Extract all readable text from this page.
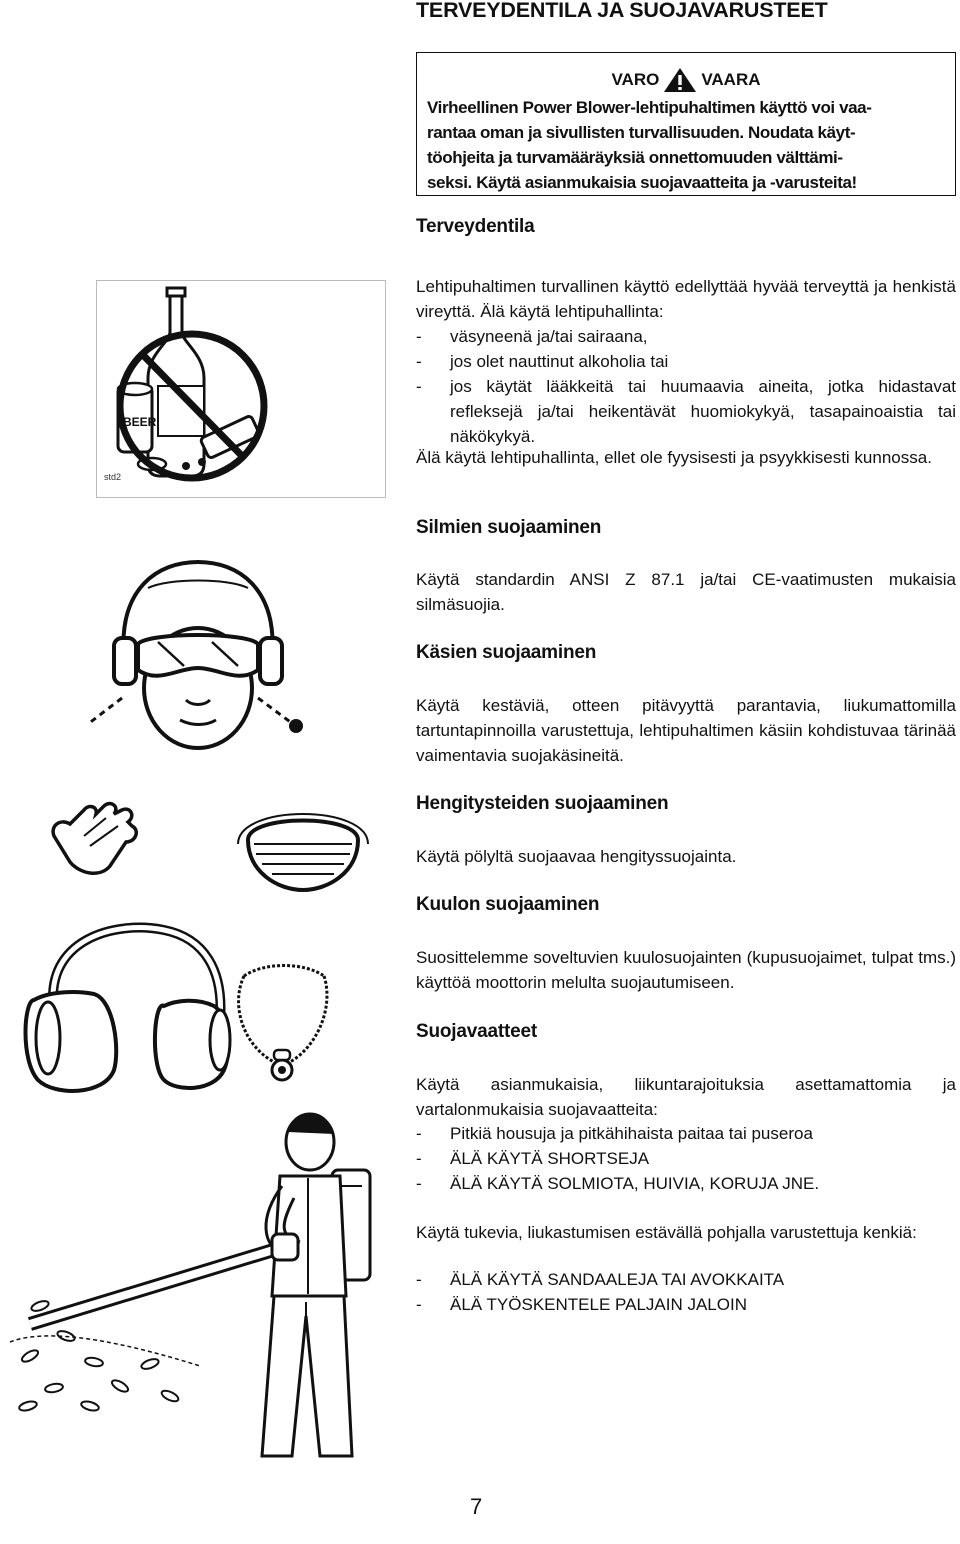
TERVEYDENTILA JA SUOJAVARUSTEET
VARO VAARA
Virheellinen Power Blower-lehtipuhaltimen käyttö voi vaa-
rantaa oman ja sivullisten turvallisuuden. Noudata käyt-
töohjeita ja turvamääräyksiä onnettomuuden välttämi-
seksi. Käytä asianmukaisia suojavaatteita ja -varusteita!
Terveydentila
Lehtipuhaltimen turvallinen käyttö edellyttää hyvää terveyttä ja henkistä vireyttä. Älä käytä lehtipuhallinta:
-	väsyneenä ja/tai sairaana,
-	jos olet nauttinut alkoholia tai
-	jos käytät lääkkeitä tai huumaavia aineita, jotka hidastavat refleksejä ja/tai heikentävät huomiokykyä, tasapainoaistia tai näkökykyä.
Älä käytä lehtipuhallinta, ellet ole fyysisesti ja psyykkisesti kunnossa.
BEER
std2
Silmien suojaaminen
Käytä standardin ANSI Z 87.1 ja/tai CE-vaatimusten mukaisia silmäsuojia.
Käsien suojaaminen
Käytä kestäviä, otteen pitävyyttä parantavia, liukumattomilla tartuntapinnoilla varustettuja, lehtipuhaltimen käsiin kohdistuvaa tärinää vaimentavia suojakäsineitä.
Hengitysteiden suojaaminen
Käytä pölyltä suojaavaa hengityssuojainta.
Kuulon suojaaminen
Suosittelemme soveltuvien kuulosuojainten (kupusuojaimet, tulpat tms.) käyttöä moottorin melulta suojautumiseen.
Suojavaatteet
Käytä asianmukaisia, liikuntarajoituksia asettamattomia ja vartalonmukaisia suojavaatteita:
-	Pitkiä housuja ja pitkähihaista paitaa tai puseroa
-	ÄLÄ KÄYTÄ SHORTSEJA
-	ÄLÄ KÄYTÄ SOLMIOTA, HUIVIA, KORUJA JNE.
Käytä tukevia, liukastumisen estävällä pohjalla varustettuja kenkiä:
-	ÄLÄ KÄYTÄ SANDAALEJA TAI AVOKKAITA
-	ÄLÄ TYÖSKENTELE PALJAIN JALOIN
7
